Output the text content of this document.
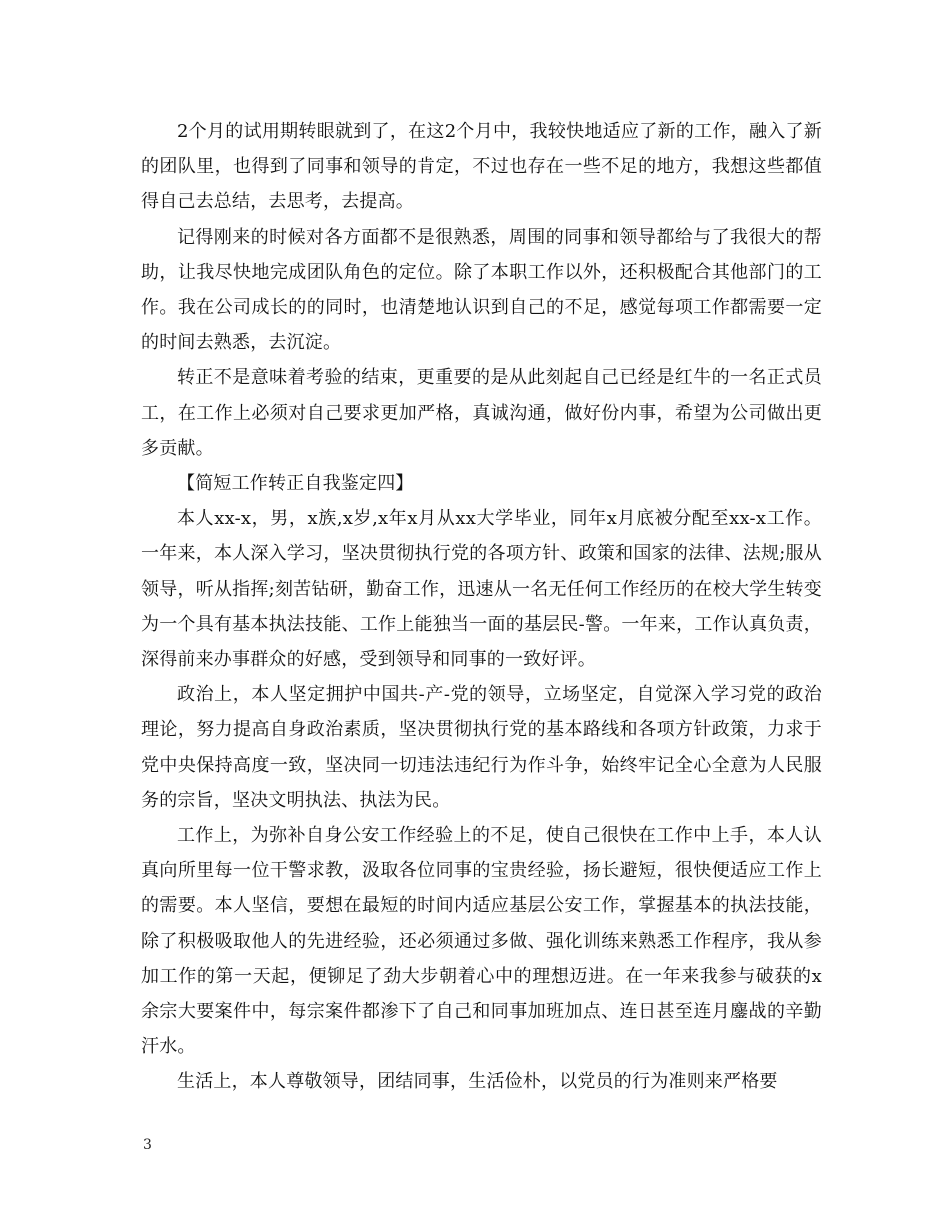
2个月的试用期转眼就到了，在这2个月中，我较快地适应了新的工作，融入了新的团队里，也得到了同事和领导的肯定，不过也存在一些不足的地方，我想这些都值得自己去总结，去思考，去提高。

记得刚来的时候对各方面都不是很熟悉，周围的同事和领导都给与了我很大的帮助，让我尽快地完成团队角色的定位。除了本职工作以外，还积极配合其他部门的工作。我在公司成长的的同时，也清楚地认识到自己的不足，感觉每项工作都需要一定的时间去熟悉，去沉淀。

转正不是意味着考验的结束，更重要的是从此刻起自己已经是红牛的一名正式员工，在工作上必须对自己要求更加严格，真诚沟通，做好份内事，希望为公司做出更多贡献。

【简短工作转正自我鉴定四】

本人xx-x，男，x族,x岁,x年x月从xx大学毕业，同年x月底被分配至xx-x工作。一年来，本人深入学习，坚决贯彻执行党的各项方针、政策和国家的法律、法规;服从领导，听从指挥;刻苦钻研，勤奋工作，迅速从一名无任何工作经历的在校大学生转变为一个具有基本执法技能、工作上能独当一面的基层民-警。一年来，工作认真负责，深得前来办事群众的好感，受到领导和同事的一致好评。

政治上，本人坚定拥护中国共-产-党的领导，立场坚定，自觉深入学习党的政治理论，努力提高自身政治素质，坚决贯彻执行党的基本路线和各项方针政策，力求于党中央保持高度一致，坚决同一切违法违纪行为作斗争，始终牢记全心全意为人民服务的宗旨，坚决文明执法、执法为民。

工作上，为弥补自身公安工作经验上的不足，使自己很快在工作中上手，本人认真向所里每一位干警求教，汲取各位同事的宝贵经验，扬长避短，很快便适应工作上的需要。本人坚信，要想在最短的时间内适应基层公安工作，掌握基本的执法技能，除了积极吸取他人的先进经验，还必须通过多做、强化训练来熟悉工作程序，我从参加工作的第一天起，便铆足了劲大步朝着心中的理想迈进。在一年来我参与破获的x余宗大要案件中，每宗案件都渗下了自己和同事加班加点、连日甚至连月鏖战的辛勤汗水。

生活上，本人尊敬领导，团结同事，生活俭朴，以党员的行为准则来严格要

3
